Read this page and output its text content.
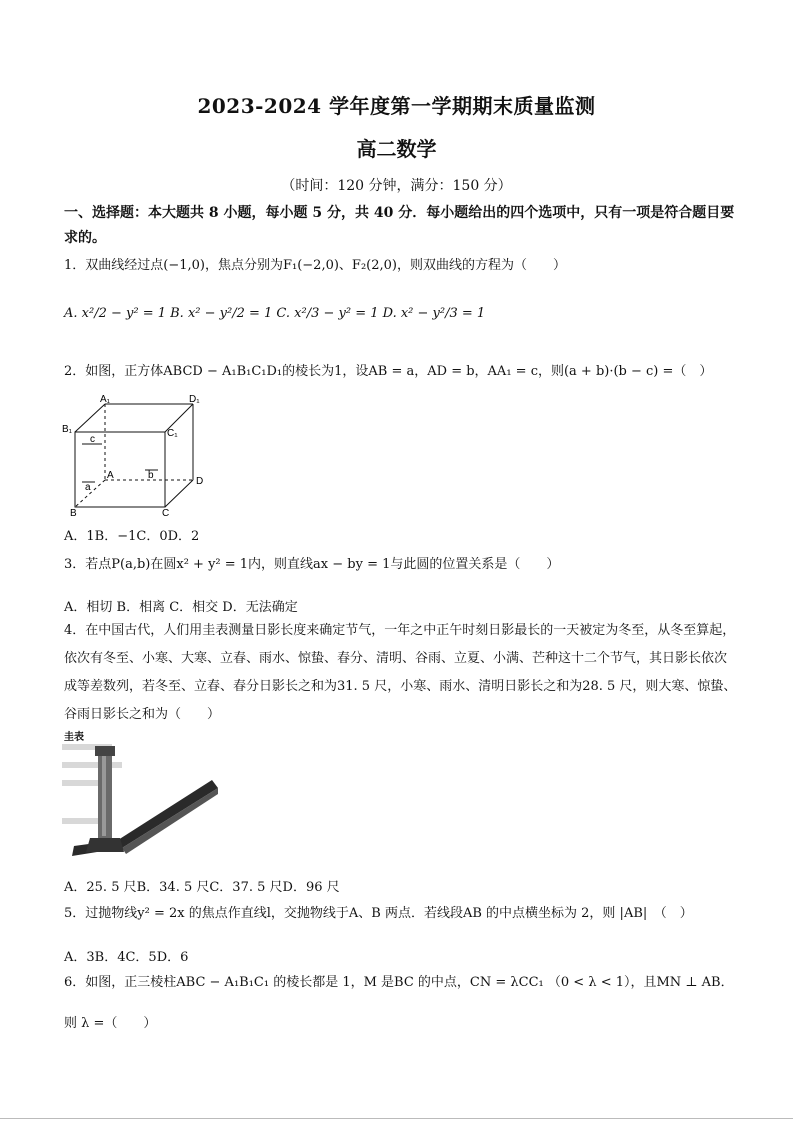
2023-2024 学年度第一学期期末质量监测
高二数学
（时间：120 分钟，满分：150 分）
一、选择题：本大题共 8 小题，每小题 5 分，共 40 分．每小题给出的四个选项中，只有一项是符合题目要求的。
1．双曲线经过点(−1,0)，焦点分别为F₁(−2,0)、F₂(2,0)，则双曲线的方程为（　　）
A. x²/2 − y² = 1 B. x² − y²/2 = 1 C. x²/3 − y² = 1 D. x² − y²/3 = 1
2．如图，正方体ABCD − A₁B₁C₁D₁的棱长为1，设AB = a，AD = b，AA₁ = c，则(a + b)·(b − c) =（　）
A₁	D₁
B₁	C₁
A
B	C
D
c
a
b
A．1B．−1C．0D．2
3．若点P(a,b)在圆x² + y² = 1内，则直线ax − by = 1与此圆的位置关系是（　　）
A．相切 B．相离 C．相交 D．无法确定
4．在中国古代，人们用圭表测量日影长度来确定节气，一年之中正午时刻日影最长的一天被定为冬至，从冬至算起，依次有冬至、小寒、大寒、立春、雨水、惊蛰、春分、清明、谷雨、立夏、小满、芒种这十二个节气，其日影长依次成等差数列，若冬至、立春、春分日影长之和为31. 5 尺，小寒、雨水、清明日影长之和为28. 5 尺，则大寒、惊蛰、谷雨日影长之和为（　　）
圭表
A．25. 5 尺B．34. 5 尺C．37. 5 尺D．96 尺
5．过抛物线y² = 2x 的焦点作直线l，交抛物线于A、B 两点．若线段AB 的中点横坐标为 2，则 |AB|　（　）
A．3B．4C．5D．6
6．如图，正三棱柱ABC − A₁B₁C₁ 的棱长都是 1，M 是BC 的中点，CN = λCC₁ （0 < λ < 1），且MN ⊥ AB．
则 λ =（　　）
